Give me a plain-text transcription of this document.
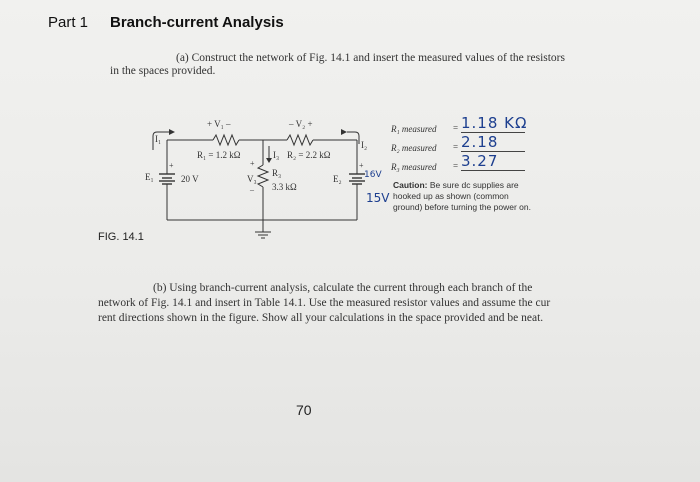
Part 1 Branch-current Analysis
(a) Construct the network of Fig. 14.1 and insert the measured values of the resistors
in the spaces provided.
FIG. 14.1
I₁
I₂
+ V₁ –	– V₂ +
R₁ = 1.2 kΩ	I₃ R₂ = 2.2 kΩ
E₁	20 V	V₃
R₃
3.3 kΩ
E₂
+	+
+
–
R₁ measured = 1.18 KΩ
R₂ measured = 2.18
R₃ measured = 3.27
16V
15V
Caution: Be sure dc supplies are hooked up as shown (common ground) before turning the power on.
(b) Using branch-current analysis, calculate the current through each branch of the
network of Fig. 14.1 and insert in Table 14.1. Use the measured resistor values and assume the cur
rent directions shown in the figure. Show all your calculations in the space provided and be neat.
70
